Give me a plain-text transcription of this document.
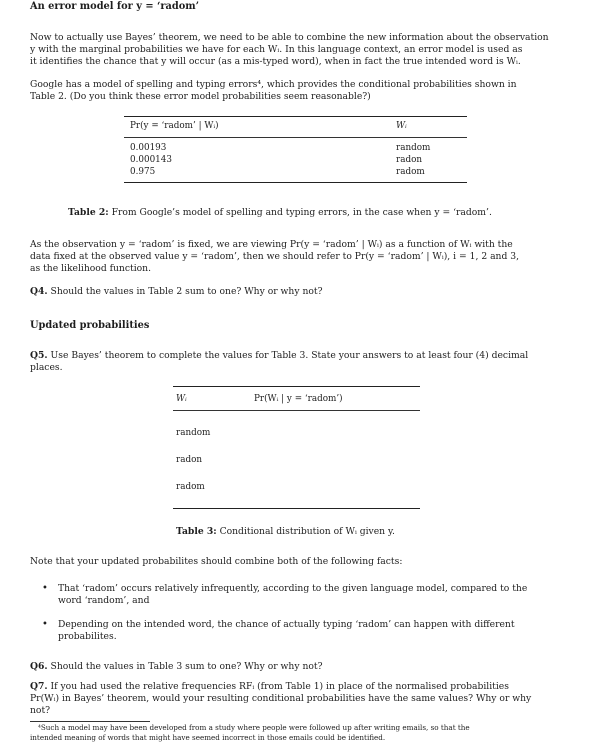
An error model for y = ‘radom’
Now to actually use Bayes’ theorem, we need to be able to combine the new information about the observation
y with the marginal probabilities we have for each Wᵢ. In this language context, an error model is used as
it identifies the chance that y will occur (as a mis-typed word), when in fact the true intended word is Wᵢ.
Google has a model of spelling and typing errors⁴, which provides the conditional probabilities shown in
Table 2. (Do you think these error model probabilities seem reasonable?)
Pr(y = ‘radom’ | Wᵢ)	Wᵢ
0.00193	random
0.000143	radon
0.975	radom
Table 2: From Google’s model of spelling and typing errors, in the case when y = ‘radom’.
As the observation y = ‘radom’ is fixed, we are viewing Pr(y = ‘radom’ | Wᵢ) as a function of Wᵢ with the
data fixed at the observed value y = ‘radom’, then we should refer to Pr(y = ‘radom’ | Wᵢ), i = 1, 2 and 3,
as the likelihood function.
Q4. Should the values in Table 2 sum to one? Why or why not?
Updated probabilities
Q5. Use Bayes’ theorem to complete the values for Table 3. State your answers to at least four (4) decimal
places.
Wᵢ	Pr(Wᵢ | y = ‘radom’)
random
radon
radom
Table 3: Conditional distribution of Wᵢ given y.
Note that your updated probabilites should combine both of the following facts:
• That ‘radom’ occurs relatively infrequently, according to the given language model, compared to the
word ‘random’, and
• Depending on the intended word, the chance of actually typing ‘radom’ can happen with different
probabilites.
Q6. Should the values in Table 3 sum to one? Why or why not?
Q7. If you had used the relative frequencies RFᵢ (from Table 1) in place of the normalised probabilities
Pr(Wᵢ) in Bayes’ theorem, would your resulting conditional probabilities have the same values? Why or why
not?
⁴Such a model may have been developed from a study where people were followed up after writing emails, so that the
intended meaning of words that might have seemed incorrect in those emails could be identified.
